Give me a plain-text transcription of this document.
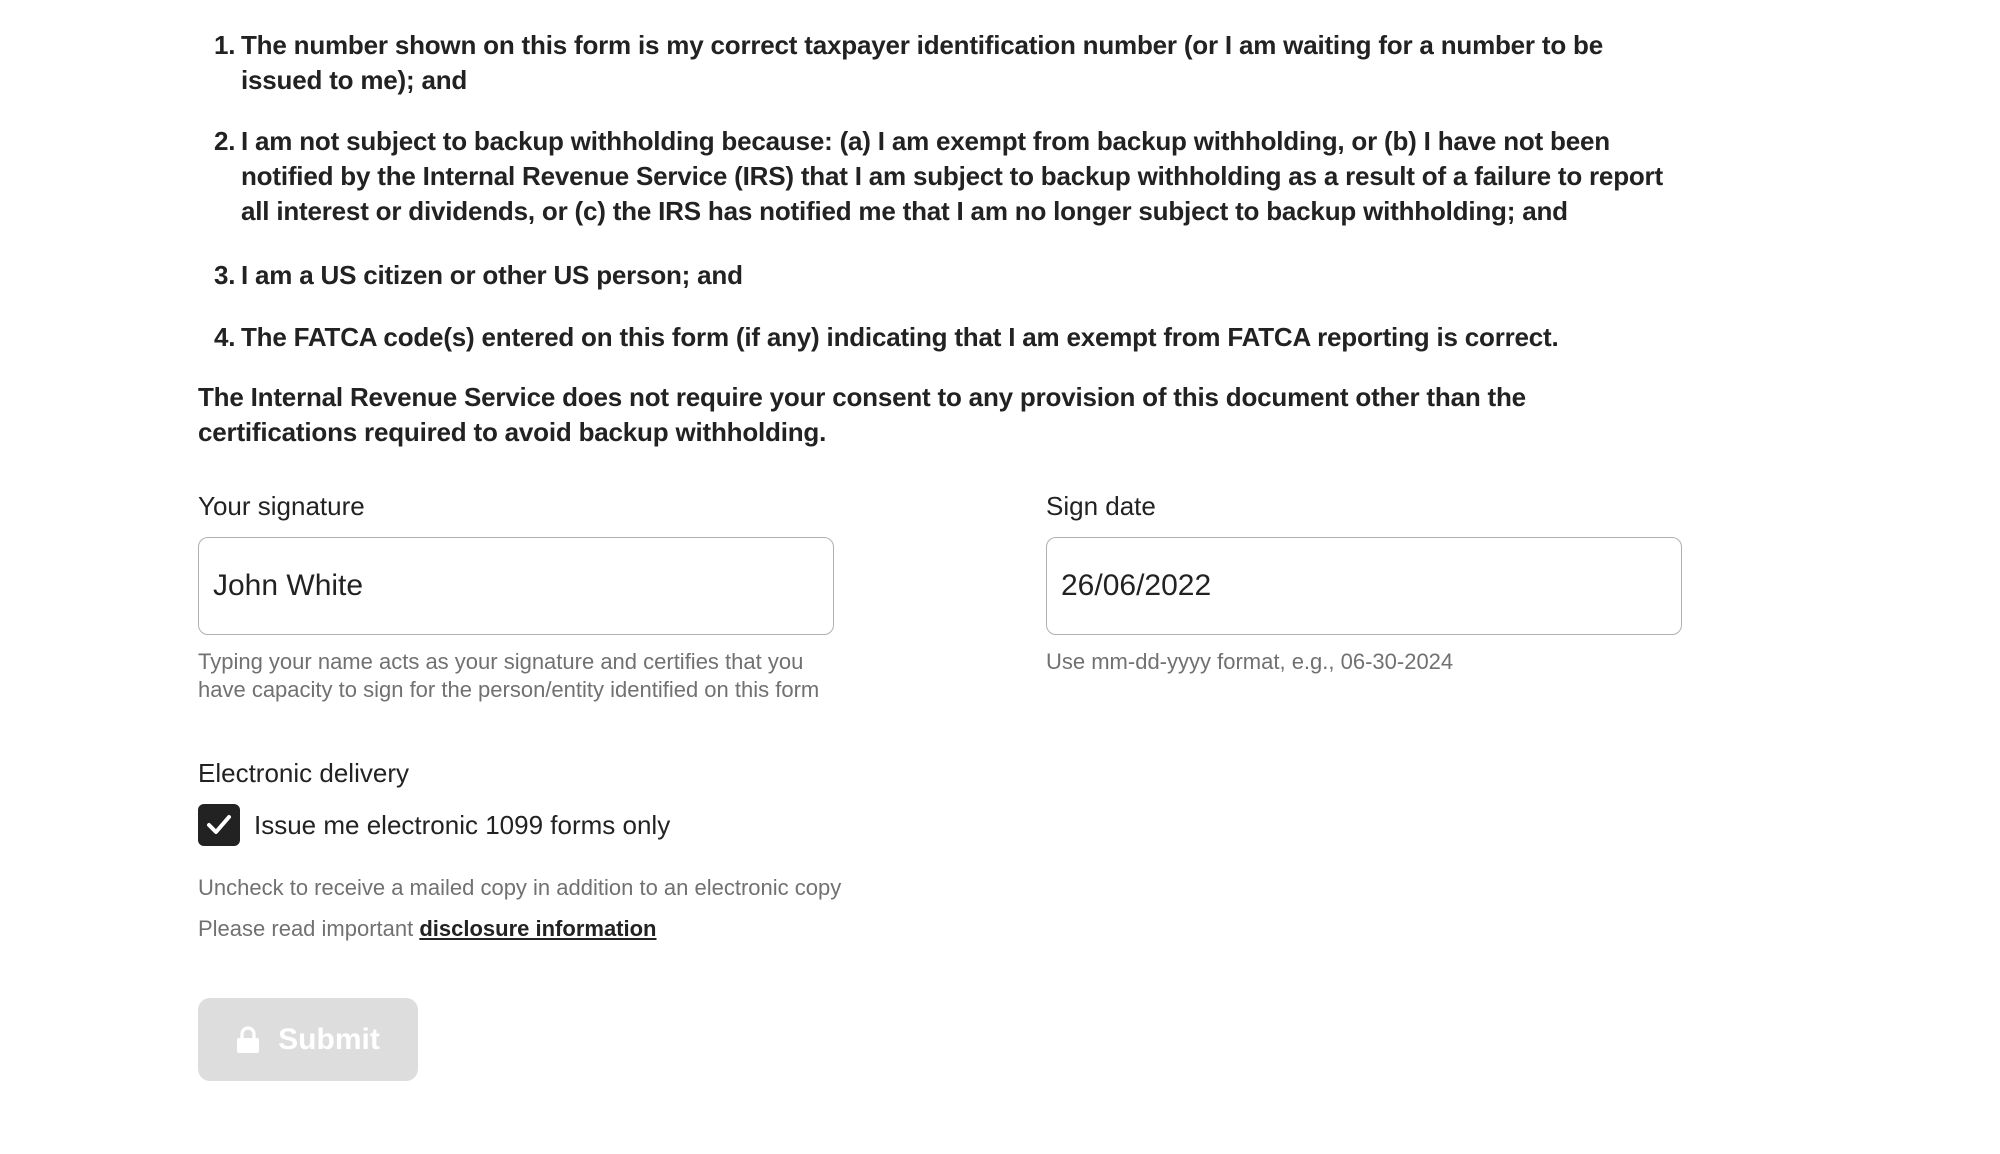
1. The number shown on this form is my correct taxpayer identification number (or I am waiting for a number to be issued to me); and
2. I am not subject to backup withholding because: (a) I am exempt from backup withholding, or (b) I have not been notified by the Internal Revenue Service (IRS) that I am subject to backup withholding as a result of a failure to report all interest or dividends, or (c) the IRS has notified me that I am no longer subject to backup withholding; and
3. I am a US citizen or other US person; and
4. The FATCA code(s) entered on this form (if any) indicating that I am exempt from FATCA reporting is correct.

The Internal Revenue Service does not require your consent to any provision of this document other than the certifications required to avoid backup withholding.

Your signature
John White

Typing your name acts as your signature and certifies that you have capacity to sign for the person/entity identified on this form

Sign date
26/06/2022

Use mm-dd-yyyy format, e.g., 06-30-2024

Electronic delivery
Issue me electronic 1099 forms only

Uncheck to receive a mailed copy in addition to an electronic copy

Please read important disclosure information

Submit
